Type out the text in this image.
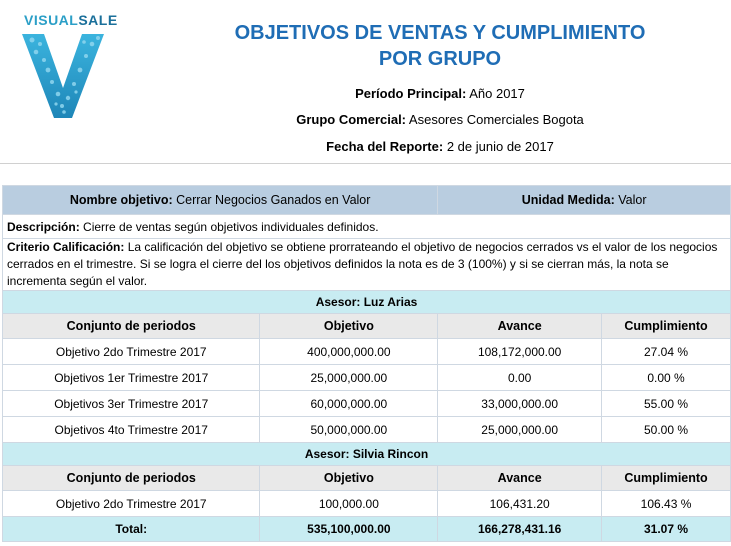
VISUALSALE
OBJETIVOS DE VENTAS Y CUMPLIMIENTO
POR GRUPO
Período Principal: Año 2017
Grupo Comercial: Asesores Comerciales Bogota
Fecha del Reporte: 2 de junio de 2017
Nombre objetivo: Cerrar Negocios Ganados en Valor		Unidad Medida: Valor	
Descripción: Cierre de ventas según objetivos individuales definidos.			
Criterio Calificación: La calificación del objetivo se obtiene prorrateando el objetivo de negocios cerrados vs el valor de los negocios cerrados en el trimestre. Si se logra el cierre del los objetivos definidos la nota es de 3 (100%) y si se cierran más, la nota se incrementa según el valor.			
Asesor: Luz Arias			
Conjunto de periodos	Objetivo	Avance	Cumplimiento
Objetivo 2do Trimestre 2017	400,000,000.00	108,172,000.00	27.04 %
Objetivos 1er Trimestre 2017	25,000,000.00	0.00	0.00 %
Objetivos 3er Trimestre 2017	60,000,000.00	33,000,000.00	55.00 %
Objetivos 4to Trimestre 2017	50,000,000.00	25,000,000.00	50.00 %
Asesor: Silvia Rincon			
Conjunto de periodos	Objetivo	Avance	Cumplimiento
Objetivo 2do Trimestre 2017	100,000.00	106,431.20	106.43 %
Total:	535,100,000.00	166,278,431.16	31.07 %
